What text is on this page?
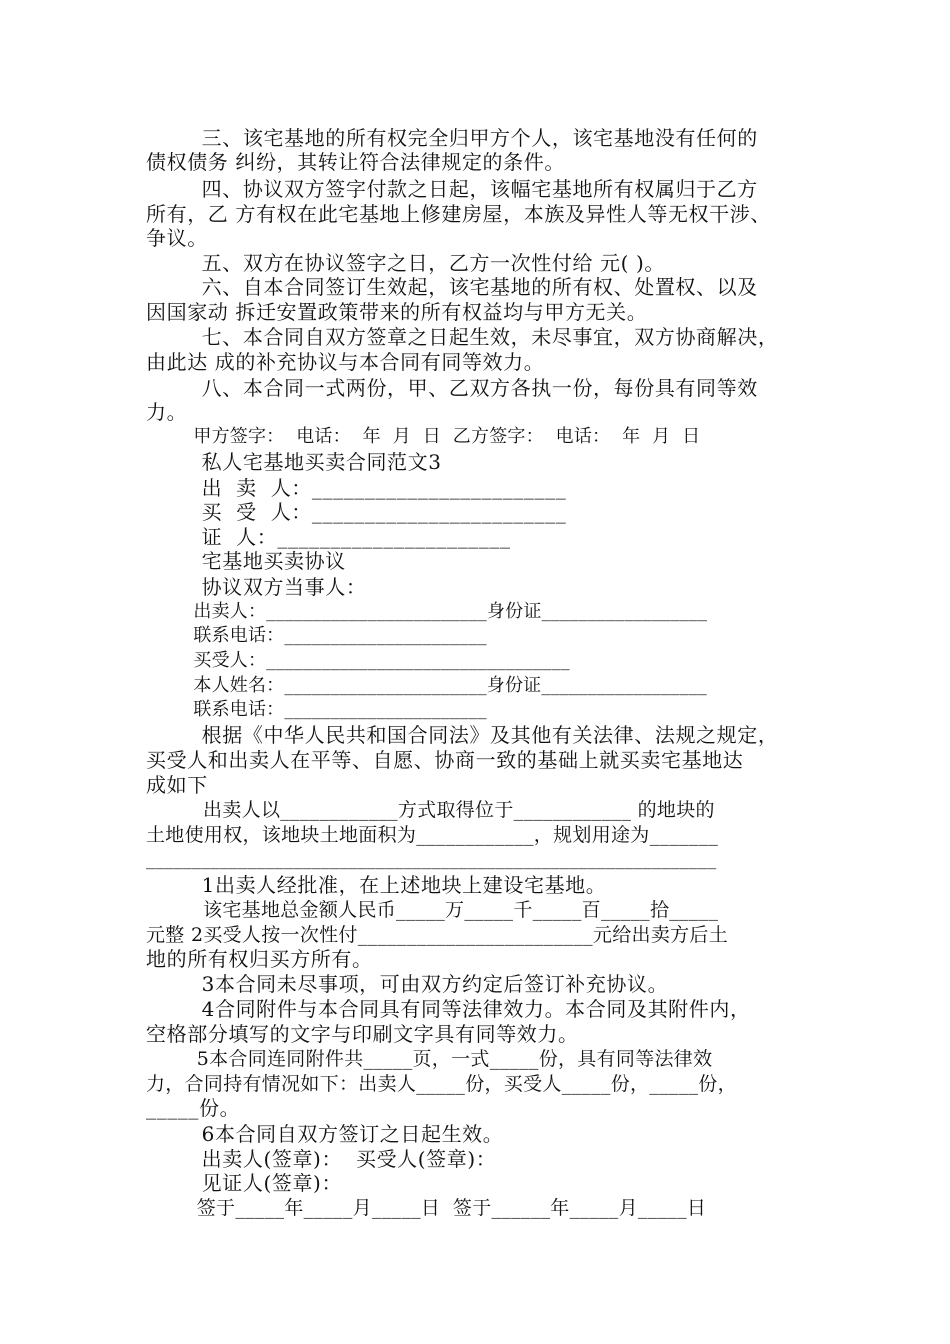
三、该宅基地的所有权完全归甲方个人，该宅基地没有任何的
债权债务 纠纷，其转让符合法律规定的条件。
四、协议双方签字付款之日起，该幅宅基地所有权属归于乙方
所有，乙 方有权在此宅基地上修建房屋，本族及异性人等无权干涉、
争议。
五、双方在协议签字之日，乙方一次性付给 元( )。
六、自本合同签订生效起，该宅基地的所有权、处置权、以及
因国家动 拆迁安置政策带来的所有权益均与甲方无关。
七、本合同自双方签章之日起生效，未尽事宜，双方协商解决，
由此达 成的补充协议与本合同有同等效力。
八、本合同一式两份，甲、乙双方各执一份，每份具有同等效
力。
甲方签字：  电话：  年  月  日  乙方签字：  电话：  年  月  日
私人宅基地买卖合同范文3
出  卖  人：________________________
买  受  人：________________________
证  人：______________________
宅基地买卖协议
协议双方当事人：
出卖人：________________________身份证__________________
联系电话：______________________
买受人：_________________________________
本人姓名：______________________身份证__________________
联系电话：______________________
根据《中华人民共和国合同法》及其他有关法律、法规之规定，
买受人和出卖人在平等、自愿、协商一致的基础上就买卖宅基地达
成如下
出卖人以____________方式取得位于____________ 的地块的
土地使用权，该地块土地面积为____________，规划用途为_______
______________________________________________________________
1出卖人经批准，在上述地块上建设宅基地。
该宅基地总金额人民币_____万_____千_____百_____拾_____
元整 2买受人按一次性付________________________元给出卖方后土
地的所有权归买方所有。
3本合同未尽事项，可由双方约定后签订补充协议。
4合同附件与本合同具有同等法律效力。本合同及其附件内，
空格部分填写的文字与印刷文字具有同等效力。
5本合同连同附件共_____页，一式_____份，具有同等法律效
力，合同持有情况如下：出卖人_____份，买受人_____份，_____份，
_____份。
6本合同自双方签订之日起生效。
出卖人(签章)：  买受人(签章)：
见证人(签章)：
签于_____年_____月_____日  签于______年_____月_____日
